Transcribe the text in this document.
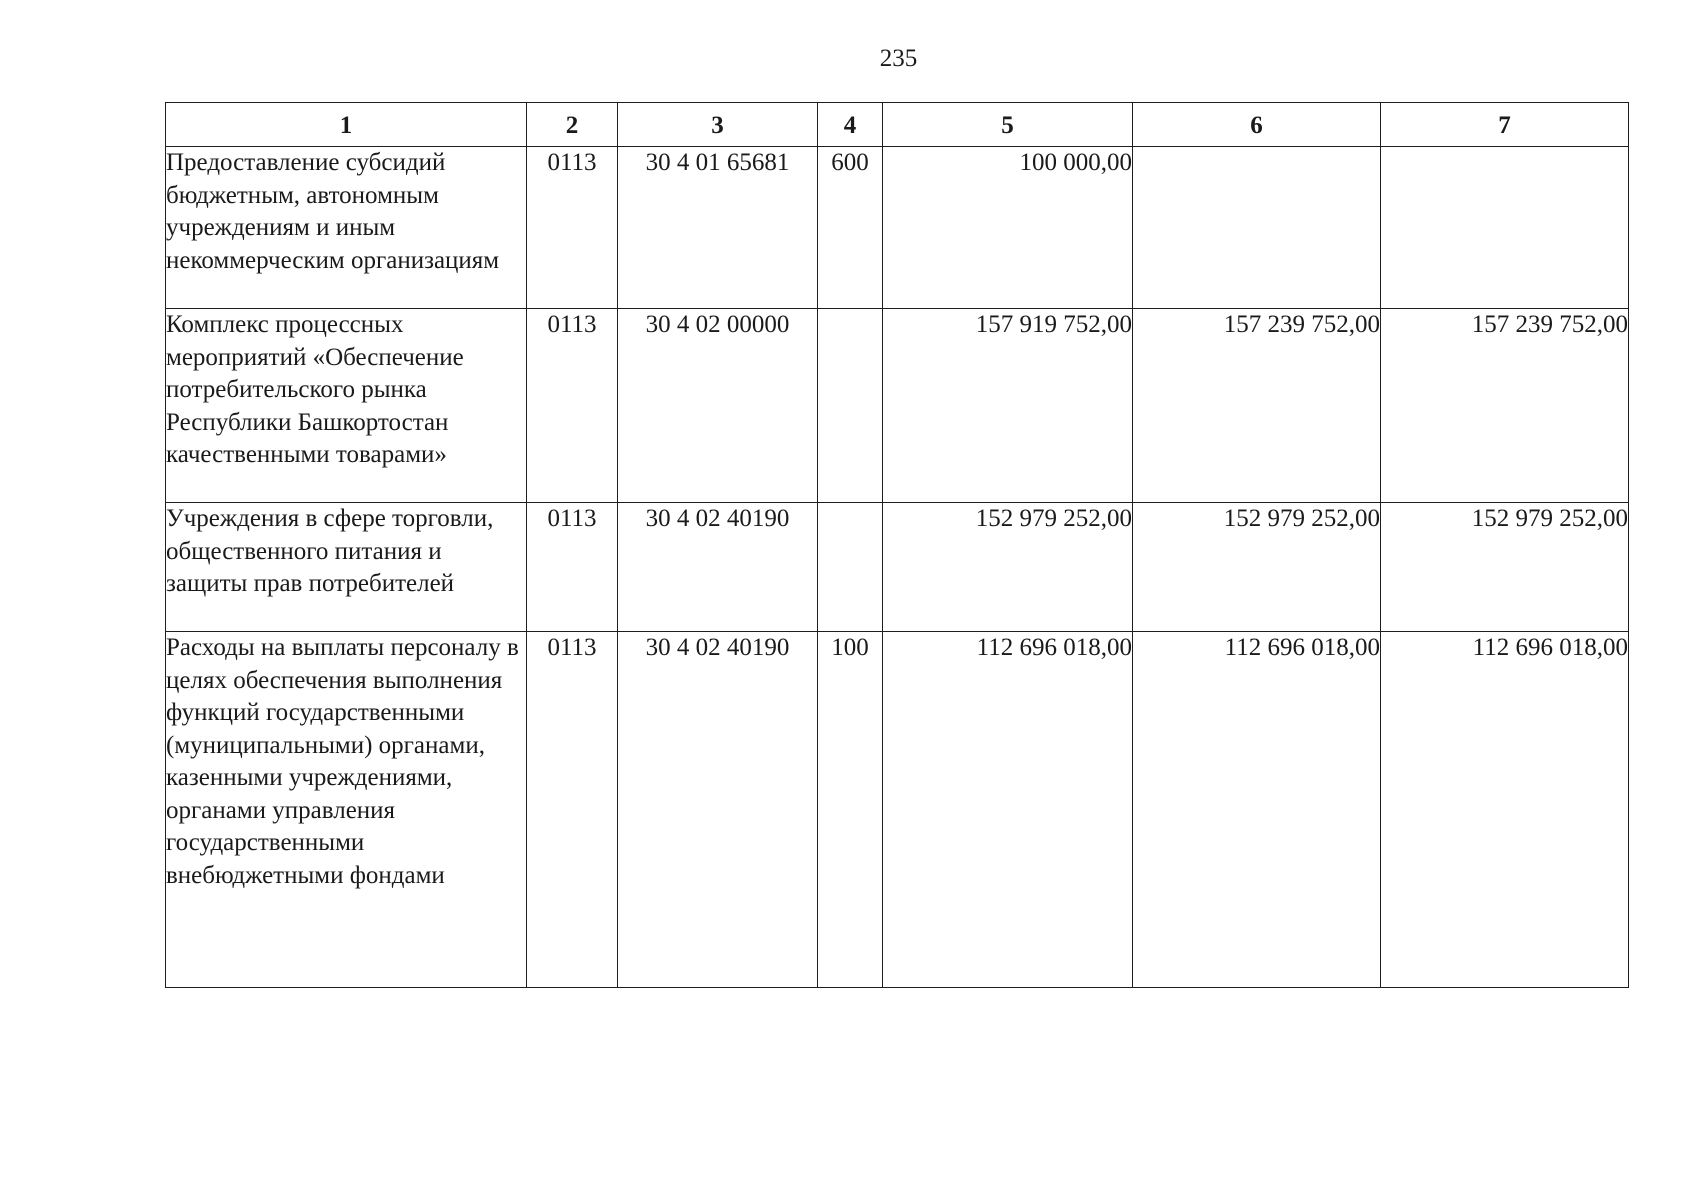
235
1	2	3	4	5	6	7
Предоставление субсидий бюджетным, автономным учреждениям и иным некоммерческим организациям	0113	30 4 01 65681	600	100 000,00		
Комплекс процессных мероприятий «Обеспечение потребительского рынка Республики Башкортостан качественными товарами»	0113	30 4 02 00000		157 919 752,00	157 239 752,00	157 239 752,00
Учреждения в сфере торговли, общественного питания и защиты прав потребителей	0113	30 4 02 40190		152 979 252,00	152 979 252,00	152 979 252,00
Расходы на выплаты персоналу в целях обеспечения выполнения функций государственными (муниципальными) органами, казенными учреждениями, органами управления государственными внебюджетными фондами	0113	30 4 02 40190	100	112 696 018,00	112 696 018,00	112 696 018,00
